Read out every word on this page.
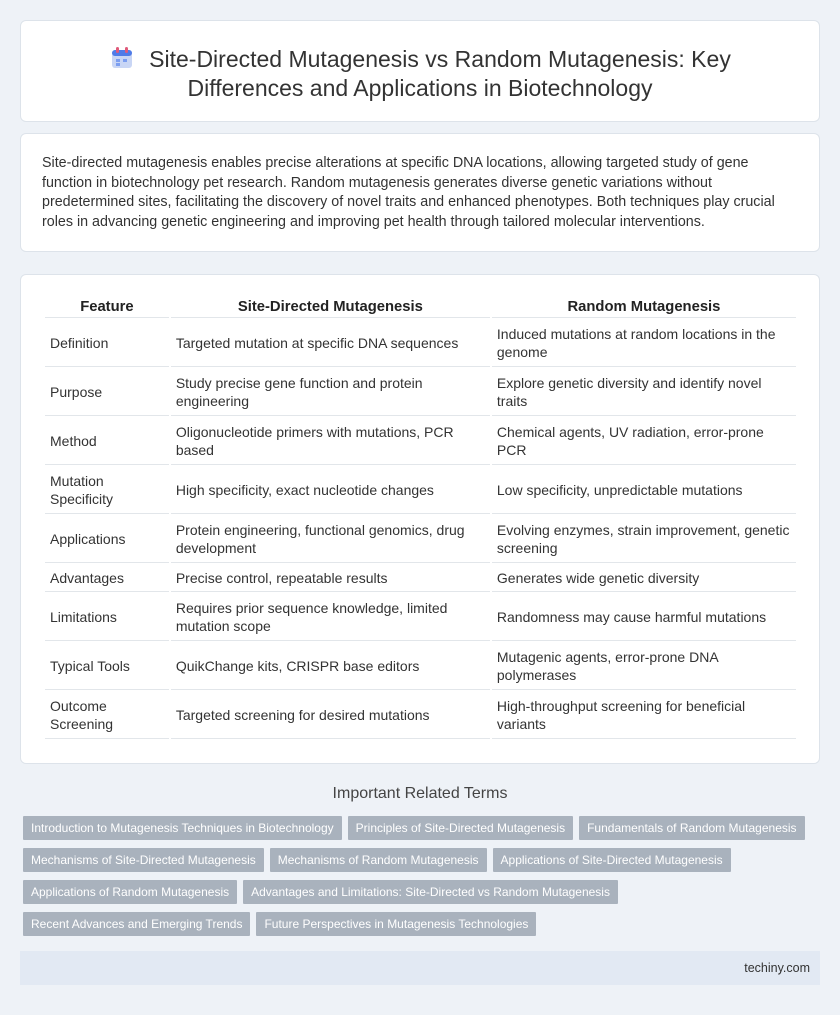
Site-Directed Mutagenesis vs Random Mutagenesis: Key
Differences and Applications in Biotechnology

Site-directed mutagenesis enables precise alterations at specific DNA locations, allowing targeted study of gene function in biotechnology pet research. Random mutagenesis generates diverse genetic variations without predetermined sites, facilitating the discovery of novel traits and enhanced phenotypes. Both techniques play crucial roles in advancing genetic engineering and improving pet health through tailored molecular interventions.

Feature	Site-Directed Mutagenesis	Random Mutagenesis
Definition	Targeted mutation at specific DNA sequences	Induced mutations at random locations in the genome
Purpose	Study precise gene function and protein engineering	Explore genetic diversity and identify novel traits
Method	Oligonucleotide primers with mutations, PCR based	Chemical agents, UV radiation, error-prone PCR
Mutation Specificity	High specificity, exact nucleotide changes	Low specificity, unpredictable mutations
Applications	Protein engineering, functional genomics, drug development	Evolving enzymes, strain improvement, genetic screening
Advantages	Precise control, repeatable results	Generates wide genetic diversity
Limitations	Requires prior sequence knowledge, limited mutation scope	Randomness may cause harmful mutations
Typical Tools	QuikChange kits, CRISPR base editors	Mutagenic agents, error-prone DNA polymerases
Outcome Screening	Targeted screening for desired mutations	High-throughput screening for beneficial variants
Important Related Terms
Introduction to Mutagenesis Techniques in Biotechnology Principles of Site-Directed Mutagenesis Fundamentals of Random Mutagenesis
Mechanisms of Site-Directed Mutagenesis Mechanisms of Random Mutagenesis Applications of Site-Directed Mutagenesis
Applications of Random Mutagenesis Advantages and Limitations: Site-Directed vs Random Mutagenesis
Recent Advances and Emerging Trends Future Perspectives in Mutagenesis Technologies
techiny.com
